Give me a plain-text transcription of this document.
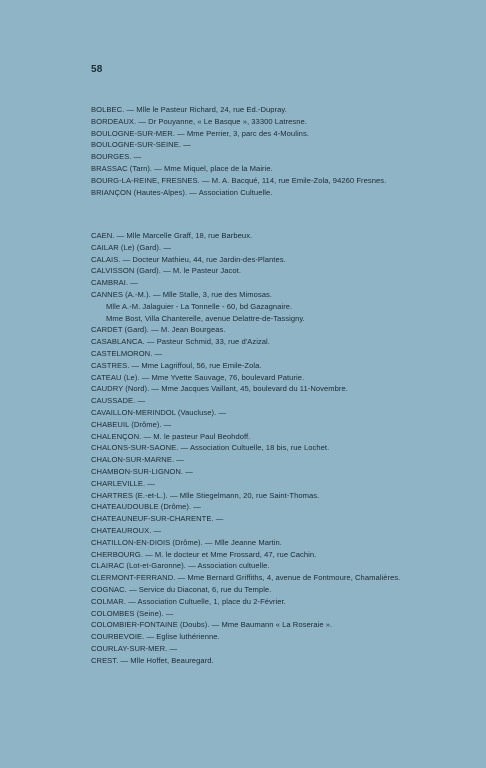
58
BOLBEC. — Mlle le Pasteur Richard, 24, rue Ed.-Dupray.
BORDEAUX. — Dr Pouyanne, « Le Basque », 33300 Latresne.
BOULOGNE-SUR-MER. — Mme Perrier, 3, parc des 4-Moulins.
BOULOGNE-SUR-SEINE. —
BOURGES. —
BRASSAC (Tarn). — Mme Miquel, place de la Mairie.
BOURG-LA-REINE, FRESNES. — M. A. Bacqué, 114, rue Emile-Zola, 94260 Fresnes.
BRIANÇON (Hautes-Alpes). — Association Cultuelle.
CAEN. — Mlle Marcelle Graff, 18, rue Barbeux.
CAILAR (Le) (Gard). —
CALAIS. — Docteur Mathieu, 44, rue Jardin-des-Plantes.
CALVISSON (Gard). — M. le Pasteur Jacot.
CAMBRAI. —
CANNES (A.-M.). — Mlle Stalle, 3, rue des Mimosas.
Mlle A.-M. Jalaguier - La Tonnelle - 60, bd Gazagnaire.
Mme Bost, Villa Chanterelle, avenue Delattre-de-Tassigny.
CARDET (Gard). — M. Jean Bourgeas.
CASABLANCA. — Pasteur Schmid, 33, rue d'Azizal.
CASTELMORON. —
CASTRES. — Mme Lagriffoul, 56, rue Emile-Zola.
CATEAU (Le). — Mme Yvette Sauvage, 76, boulevard Paturie.
CAUDRY (Nord). — Mme Jacques Vaillant, 45, boulevard du 11-Novembre.
CAUSSADE. —
CAVAILLON-MERINDOL (Vaucluse). —
CHABEUIL (Drôme). —
CHALENÇON. — M. le pasteur Paul Beohdoff.
CHALONS-SUR-SAONE. — Association Cultuelle, 18 bis, rue Lochet.
CHALON-SUR-MARNE. —
CHAMBON-SUR-LIGNON. —
CHARLEVILLE. —
CHARTRES (E.-et-L.). — Mlle Stiegelmann, 20, rue Saint-Thomas.
CHATEAUDOUBLE (Drôme). —
CHATEAUNEUF-SUR-CHARENTE. —
CHATEAUROUX. —
CHATILLON-EN-DIOIS (Drôme). — Mlle Jeanne Martin.
CHERBOURG. — M. le docteur et Mme Frossard, 47, rue Cachin.
CLAIRAC (Lot-et-Garonne). — Association cultuelle.
CLERMONT-FERRAND. — Mme Bernard Griffiths, 4, avenue de Fontmoure, Chamalières.
COGNAC. — Service du Diaconat, 6, rue du Temple.
COLMAR. — Association Cultuelle, 1, place du 2-Février.
COLOMBES (Seine). —
COLOMBIER-FONTAINE (Doubs). — Mme Baumann « La Roseraie ».
COURBEVOIE. — Eglise luthérienne.
COURLAY-SUR-MER. —
CREST. — Mlle Hoffet, Beauregard.
